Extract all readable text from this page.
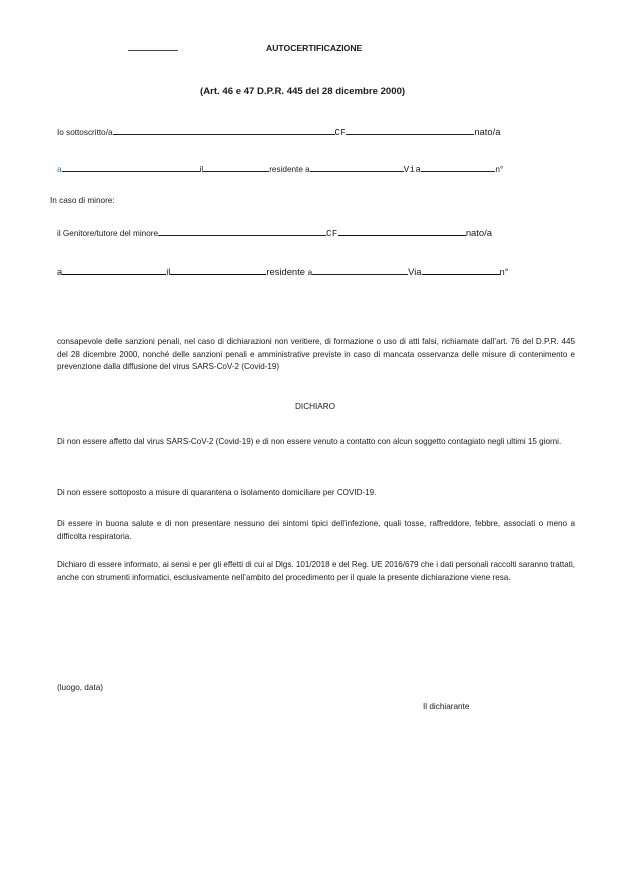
AUTOCERTIFICAZIONE
(Art. 46 e 47 D.P.R. 445 del 28 dicembre 2000)
Io sottoscritto/a	CF	nato/a
a	il	residente a	Via	n°
In caso di minore:
il Genitore/tutore del minore	CF	nato/a
a	il	residente a	Via	n°
consapevole delle sanzioni penali, nel caso di dichiarazioni non veritiere, di formazione o uso di atti falsi, richiamate dall’art. 76 del D.P.R. 445 del 28 dicembre 2000, nonché delle sanzioni penali e amministrative previste in caso di mancata osservanza delle misure di contenimento e prevenzione dalla diffusione del virus SARS-CoV-2 (Covid-19)
DICHIARO
Di non essere affetto dal virus SARS-CoV-2 (Covid-19) e di non essere venuto a contatto con alcun soggetto contagiato negli ultimi 15 giorni.
Di non essere sottoposto a misure di quarantena o isolamento domiciliare per COVID-19.
Di essere in buona salute e di non presentare nessuno dei sintomi tipici dell’infezione, quali tosse, raffreddore, febbre, associati o meno a difficolta respiratoria.
Dichiaro di essere informato, ai sensi e per gli effetti di cui al Dlgs. 101/2018 e del Reg. UE 2016/679 che i dati personali raccolti saranno trattati, anche con strumenti informatici, esclusivamente nell’ambito del procedimento per il quale la presente dichiarazione viene resa.
(luogo, data)
Il dichiarante
